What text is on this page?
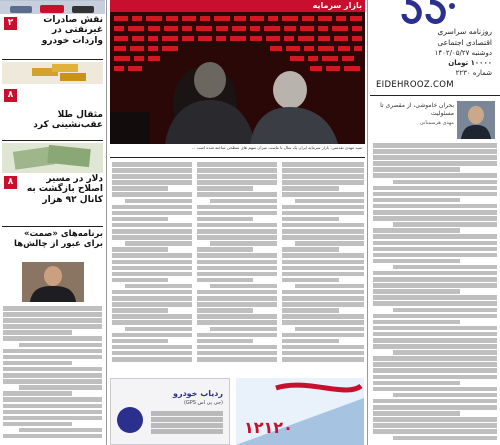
روزنامه سراسری
اقتصادی اجتماعی
دوشنبه ۱۴۰۲/۰۵/۲۷
۱۰۰۰۰ تومان
شماره ۲۲۳۰
EIDEHROOZ.COM
بازار سرمایه
سید مهدی تقدسی: بازار سرمایه ایران یک سال تا ماست میزان سهم های سطحی ساخته شده است ...
ردیاب خودرو
(جی پی اس GPS)
۱۲۱۲۰
بحران خاموشی، از مقصری تا مسئولیت
مهدی هرسمنانی
۲	نقش صادرات غیرنفتی در واردات خودرو
۸
مثقال طلا عقب‌نشینی کرد
۸	دلار در مسیر اصلاح بازگشت به کانال ۹۲ هزار
برنامه‌های «صمت» برای عبور از چالش‌ها
